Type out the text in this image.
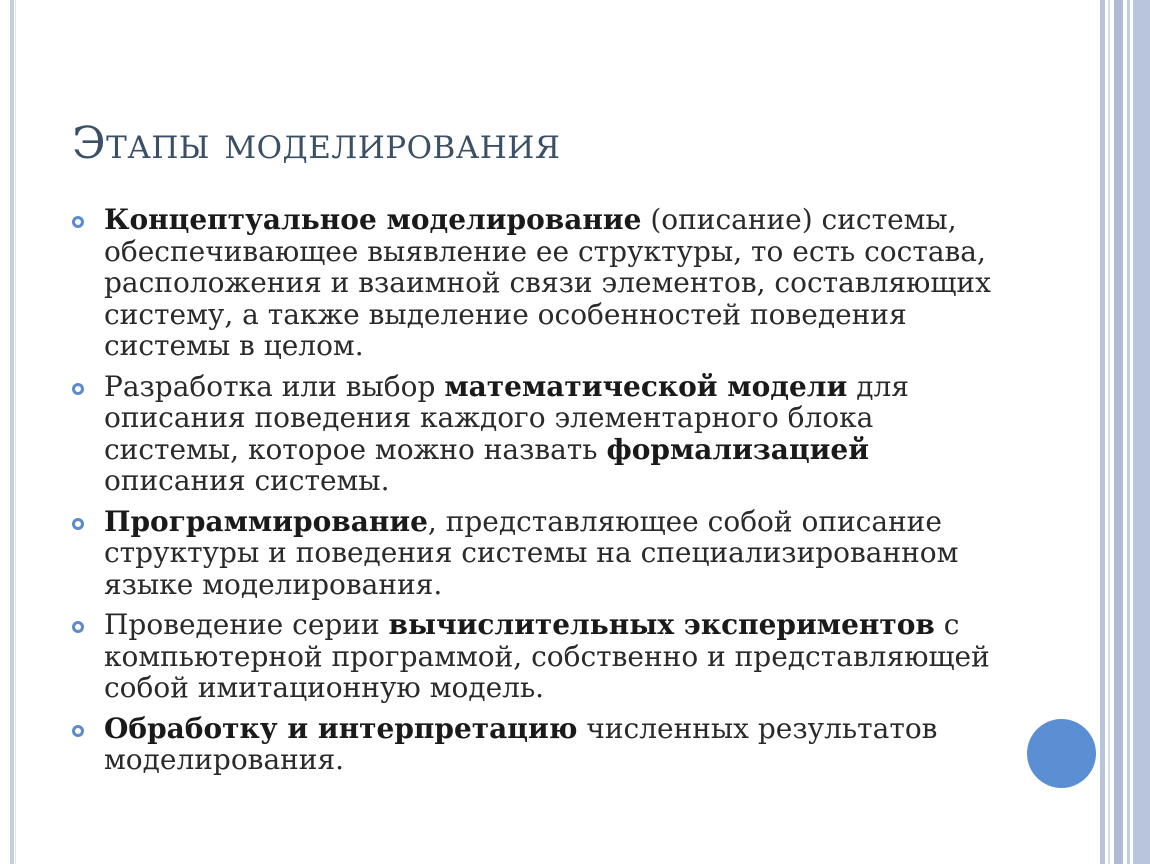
Этапы моделирования
Концептуальное моделирование (описание) системы, обеспечивающее выявление ее структуры, то есть состава, расположения и взаимной связи элементов, составляющих систему, а также выделение особенностей поведения системы в целом.
Разработка или выбор математической модели для описания поведения каждого элементарного блока системы, которое можно назвать формализацией описания системы.
Программирование, представляющее собой описание структуры и поведения системы на специализированном языке моделирования.
Проведение серии вычислительных экспериментов с компьютерной программой, собственно и представляющей собой имитационную модель.
Обработку и интерпретацию численных результатов моделирования.
